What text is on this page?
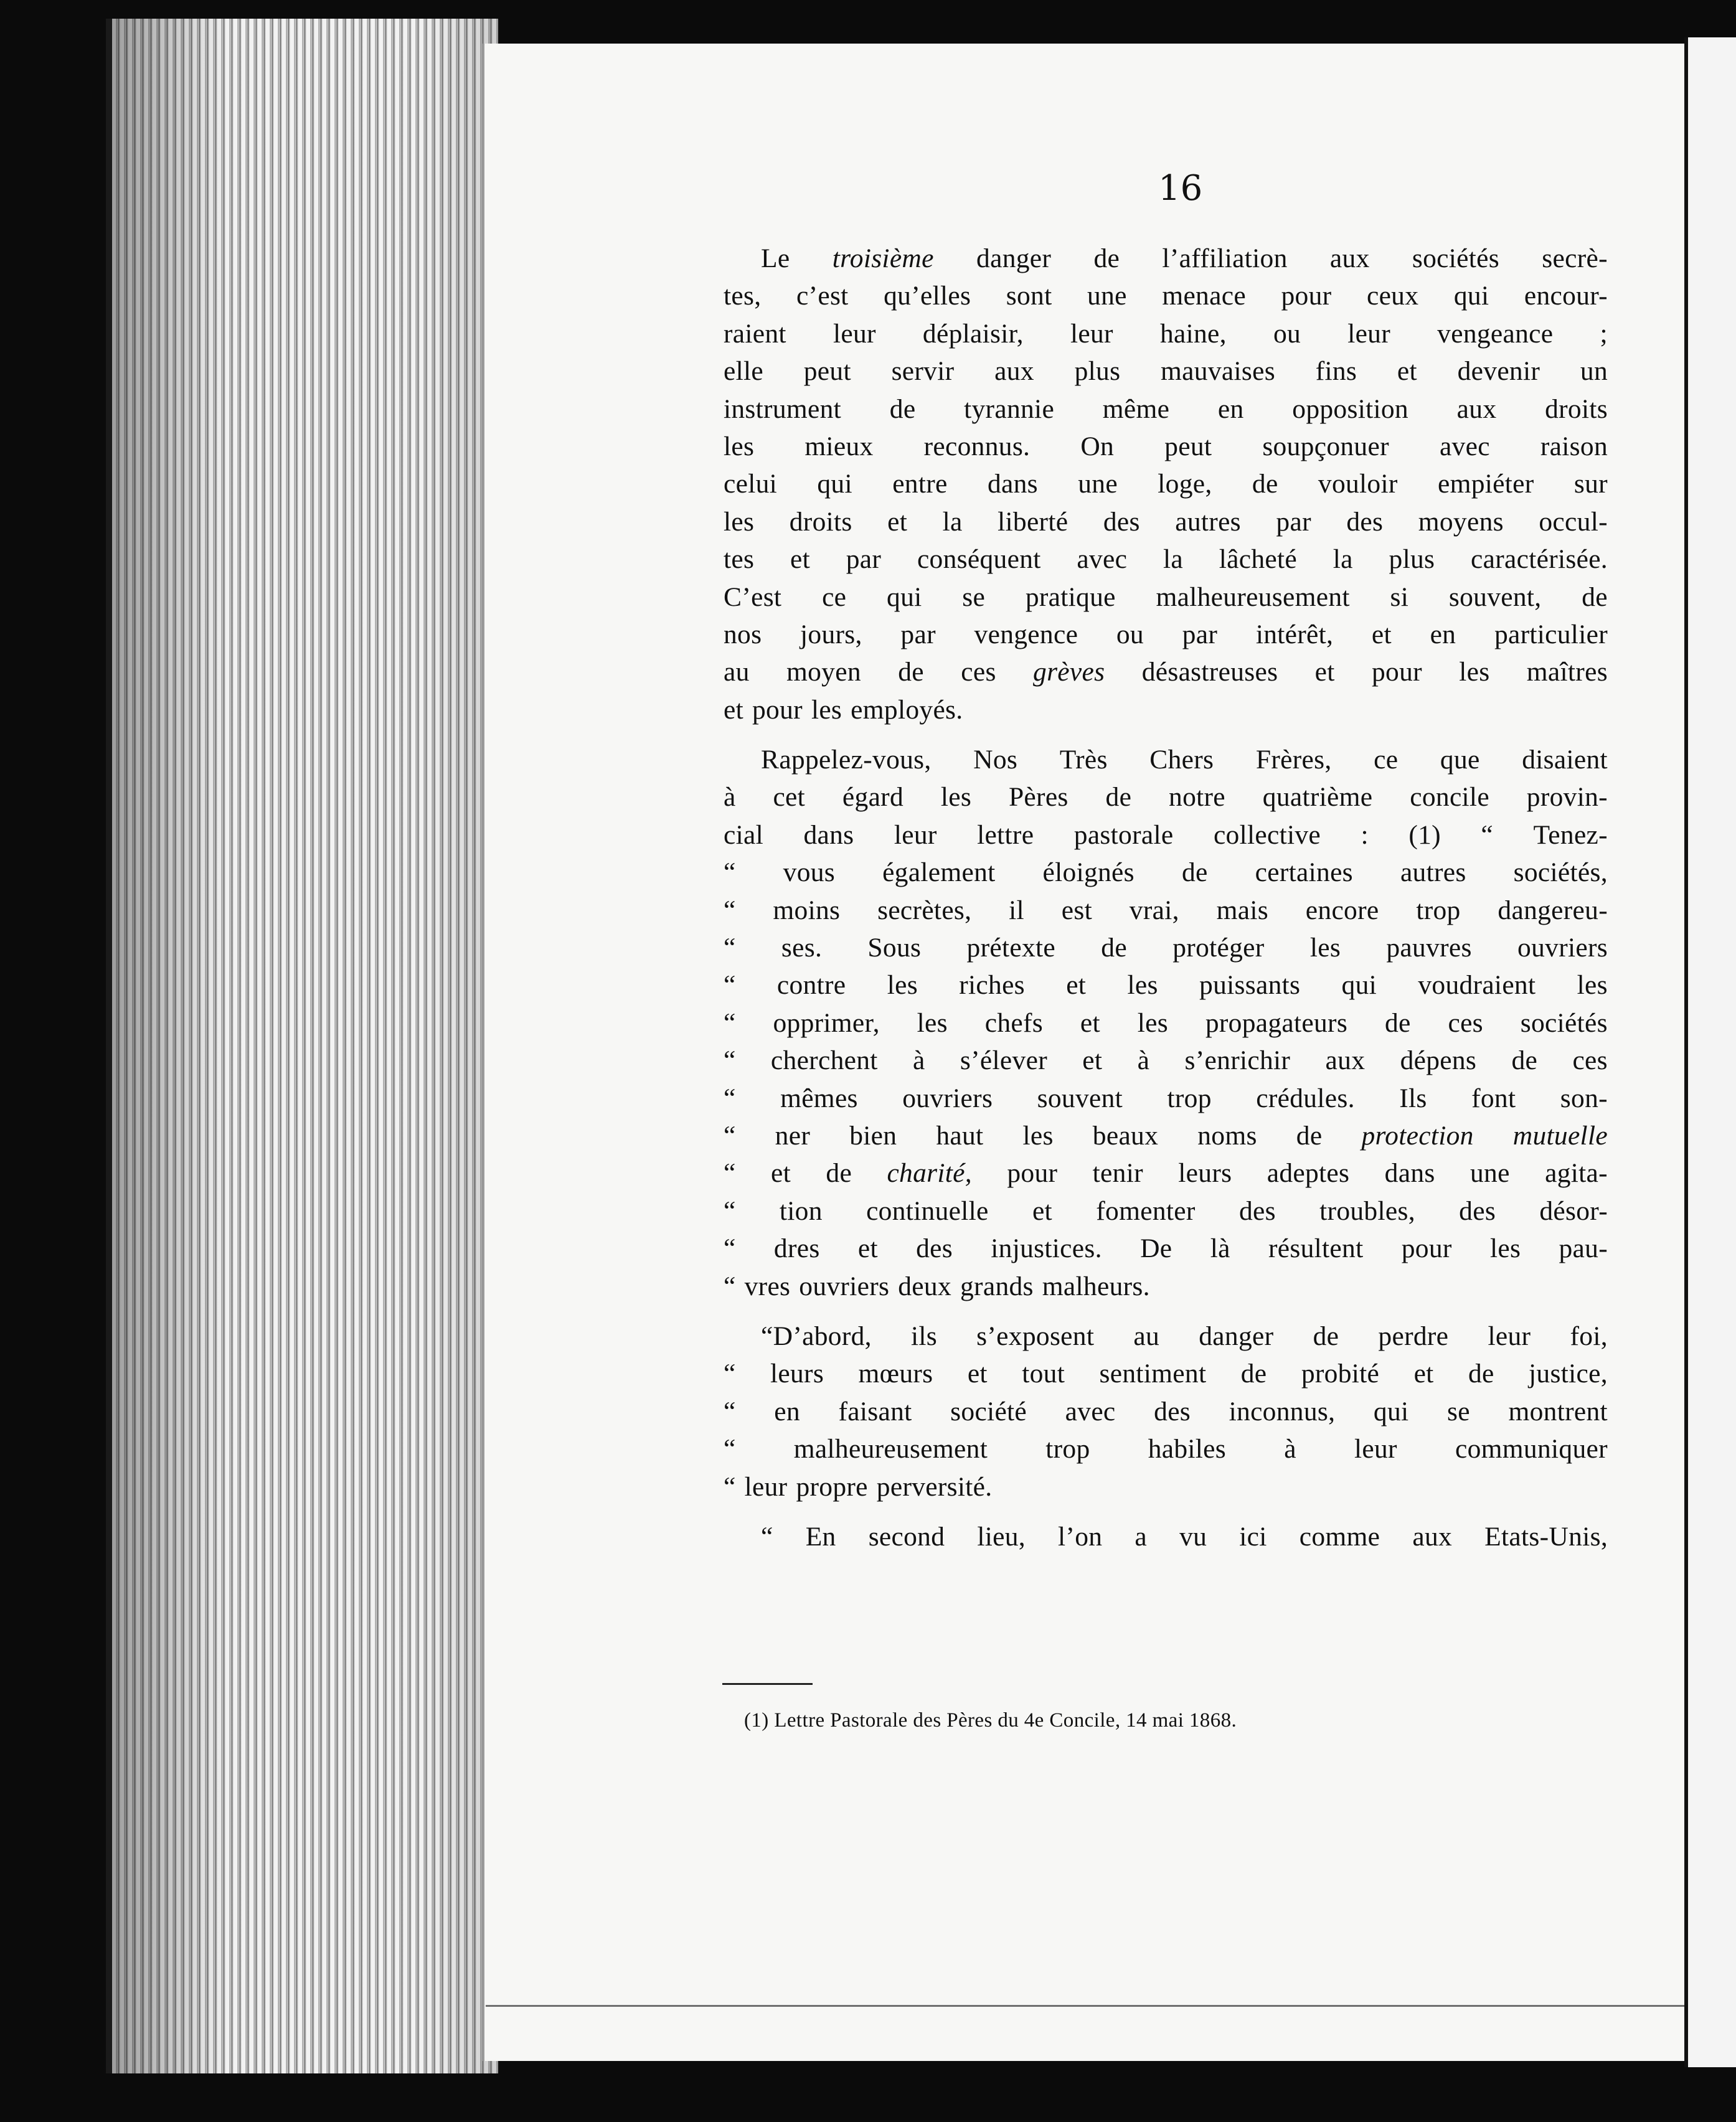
16
Le troisième danger de l’affiliation aux sociétés secrè-
tes, c’est qu’elles sont une menace pour ceux qui encour-
raient leur déplaisir, leur haine, ou leur vengeance ;
elle peut servir aux plus mauvaises fins et devenir un
instrument de tyrannie même en opposition aux droits
les mieux reconnus. On peut soupçonuer avec raison
celui qui entre dans une loge, de vouloir empiéter sur
les droits et la liberté des autres par des moyens occul-
tes et par conséquent avec la lâcheté la plus caractérisée.
C’est ce qui se pratique malheureusement si souvent, de
nos jours, par vengence ou par intérêt, et en particulier
au moyen de ces grèves désastreuses et pour les maîtres
et pour les employés.
Rappelez-vous, Nos Très Chers Frères, ce que disaient
à cet égard les Pères de notre quatrième concile provin-
cial dans leur lettre pastorale collective : (1) “ Tenez-
“ vous également éloignés de certaines autres sociétés,
“ moins secrètes, il est vrai, mais encore trop dangereu-
“ ses. Sous prétexte de protéger les pauvres ouvriers
“ contre les riches et les puissants qui voudraient les
“ opprimer, les chefs et les propagateurs de ces sociétés
“ cherchent à s’élever et à s’enrichir aux dépens de ces
“ mêmes ouvriers souvent trop crédules. Ils font son-
“ ner bien haut les beaux noms de protection mutuelle
“ et de charité, pour tenir leurs adeptes dans une agita-
“ tion continuelle et fomenter des troubles, des désor-
“ dres et des injustices. De là résultent pour les pau-
“ vres ouvriers deux grands malheurs.
“D’abord, ils s’exposent au danger de perdre leur foi,
“ leurs mœurs et tout sentiment de probité et de justice,
“ en faisant société avec des inconnus, qui se montrent
“ malheureusement trop habiles à leur communiquer
“ leur propre perversité.
“ En second lieu, l’on a vu ici comme aux Etats-Unis,
(1) Lettre Pastorale des Pères du 4e Concile, 14 mai 1868.
